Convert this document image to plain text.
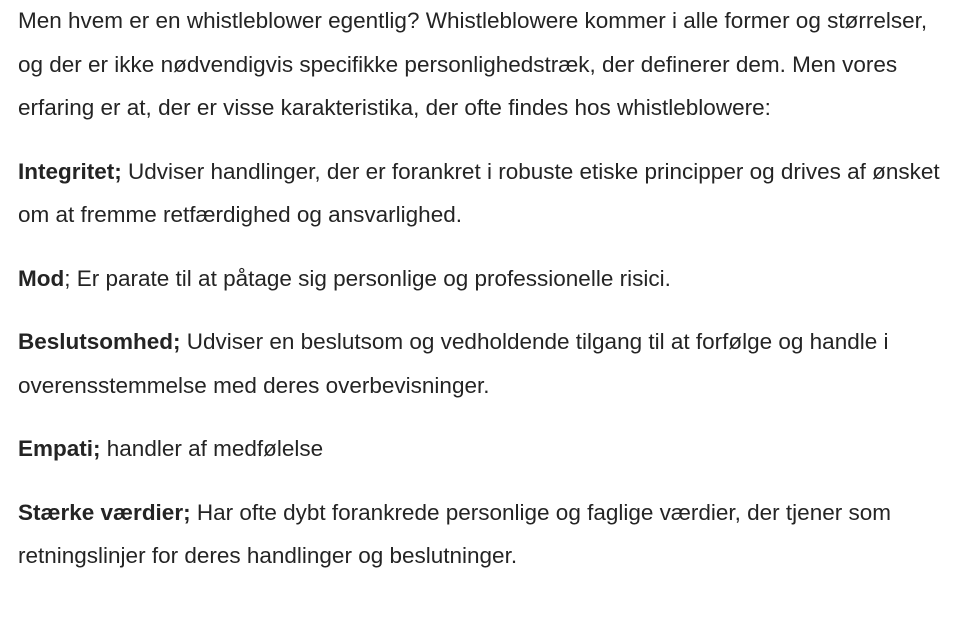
Men hvem er en whistleblower egentlig? Whistleblowere kommer i alle former og størrelser, og der er ikke nødvendigvis specifikke personlighedstræk, der definerer dem. Men vores erfaring er at, der er visse karakteristika, der ofte findes hos whistleblowere:

Integritet; Udviser handlinger, der er forankret i robuste etiske principper og drives af ønsket om at fremme retfærdighed og ansvarlighed.

Mod; Er parate til at påtage sig personlige og professionelle risici.

Beslutsomhed; Udviser en beslutsom og vedholdende tilgang til at forfølge og handle i overensstemmelse med deres overbevisninger.

Empati; handler af medfølelse

Stærke værdier; Har ofte dybt forankrede personlige og faglige værdier, der tjener som retningslinjer for deres handlinger og beslutninger.
